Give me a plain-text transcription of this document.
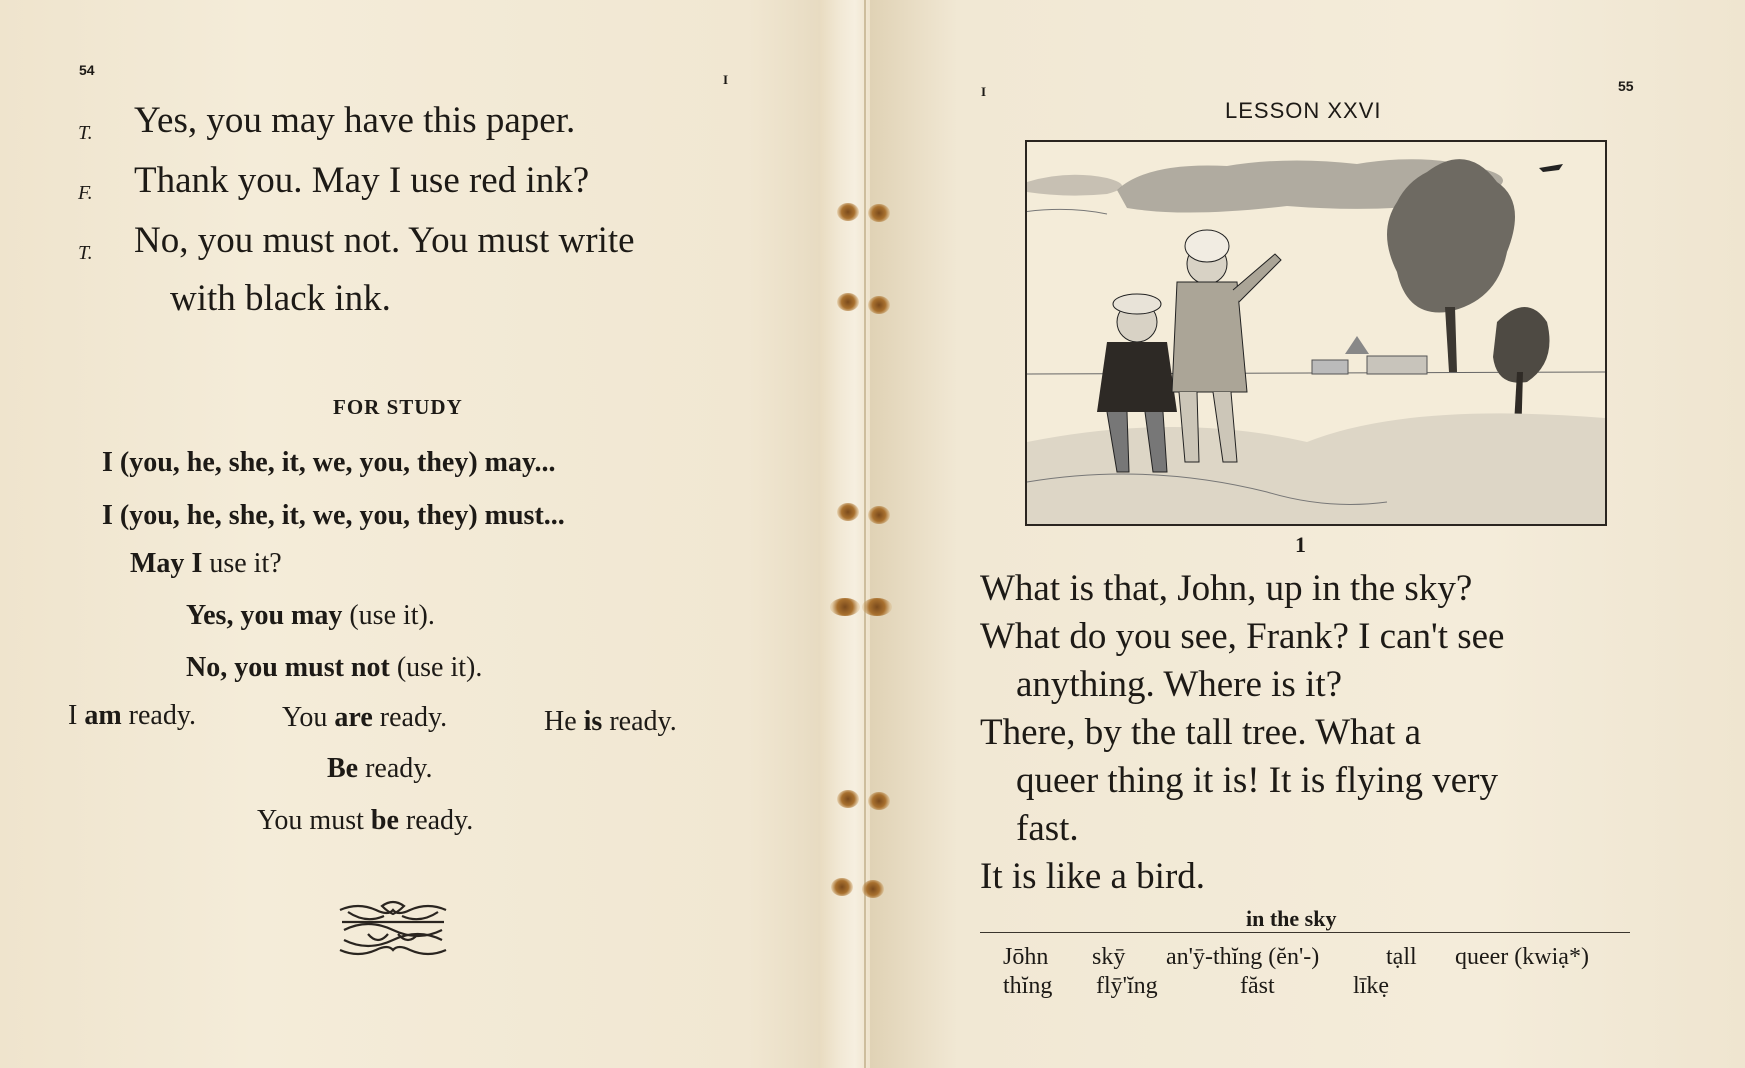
54
I
T. Yes, you may have this paper.
F. Thank you. May I use red ink?
T. No, you must not. You must write
with black ink.
FOR STUDY
I (you, he, she, it, we, you, they) may...
I (you, he, she, it, we, you, they) must...
May I use it?
Yes, you may (use it).
No, you must not (use it).
I am ready.	You are ready.	He is ready.
Be ready.
You must be ready.
I	55
LESSON XXVI
1
What is that, John, up in the sky?
What do you see, Frank? I can't see
anything. Where is it?
There, by the tall tree. What a
queer thing it is! It is flying very
fast.
It is like a bird.
in the sky
Jōhn skȳ an'ȳ-thĭng (ĕn'-)	tạll queer (kwiạ*)
thĭng flȳ'ĭng	făst	līkẹ
